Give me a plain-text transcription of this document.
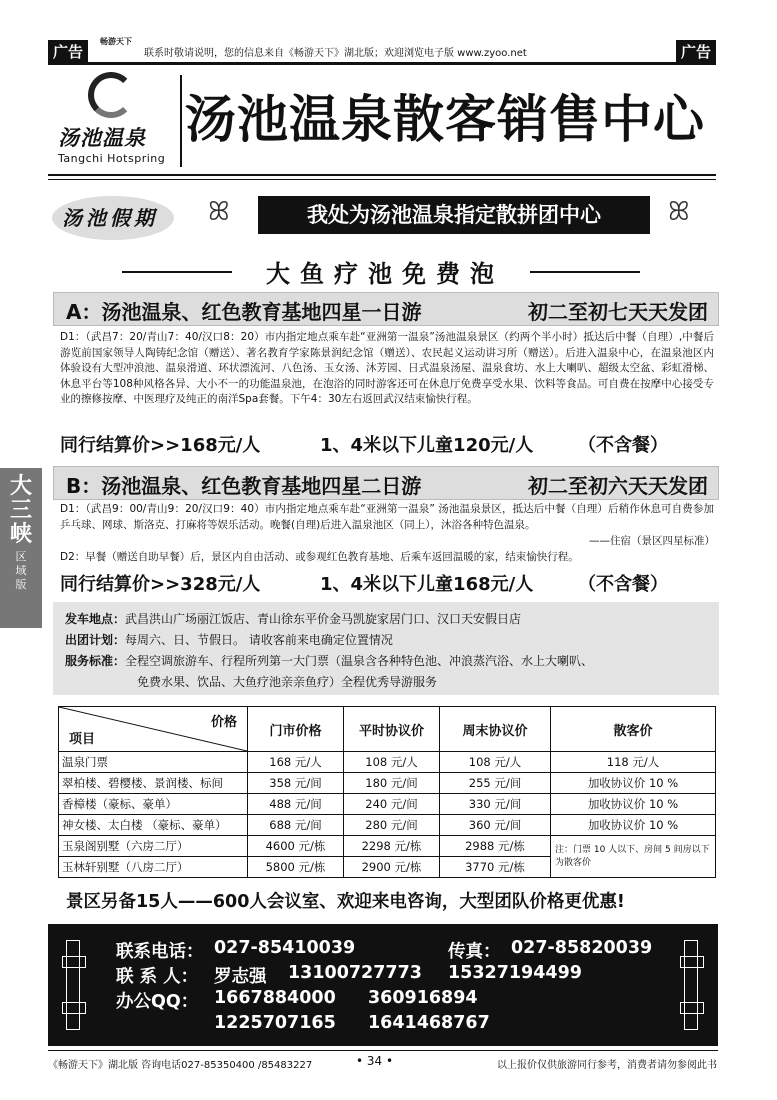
广告
畅游天下
联系时敬请说明，您的信息来自《畅游天下》湖北版；欢迎浏览电子版 www.zyoo.net	广告
汤池温泉
Tangchi Hotspring
汤池温泉散客销售中心
汤池假期 ꕤ	我处为汤池温泉指定散拼团中心	ꕤ
大鱼疗池免费泡
A：汤池温泉、红色教育基地四星一日游	初二至初七天天发团
D1：（武昌7：20/青山7：40/汉口8：20）市内指定地点乘车赴“亚洲第一温泉”汤池温泉景区（约两个半小时）抵达后中餐（自理）,中餐后游览前国家领导人陶铸纪念馆（赠送）、著名教育学家陈景润纪念馆（赠送）、农民起义运动讲习所（赠送）。后进入温泉中心，在温泉池区内体验设有大型冲浪池、温泉滑道、环状漂流河、八色汤、玉女汤、沐芳园、日式温泉汤屋、温泉食坊、水上大喇叭、超级太空盆、彩虹滑梯、休息平台等108种风格各异、大小不一的功能温泉池，在泡浴的同时游客还可在休息厅免费享受水果、饮料等食品。可自费在按摩中心接受专业的擦修按摩、中医理疗及纯正的南洋Spa套餐。下午4：30左右返回武汉结束愉快行程。
同行结算价>>168元/人	1、4米以下儿童120元/人 （不含餐）
B：汤池温泉、红色教育基地四星二日游	初二至初六天天发团
D1：（武昌9：00/青山9：20/汉口9：40）市内指定地点乘车赴“亚洲第一温泉” 汤池温泉景区，抵达后中餐（自理）后稍作休息可自费参加乒乓球、网球、斯洛克、打麻将等娱乐活动。晚餐(自理)后进入温泉池区（同上），沐浴各种特色温泉。
——住宿（景区四星标准）
D2：早餐（赠送自助早餐）后，景区内自由活动、或参观红色教育基地、后乘车返回温暖的家，结束愉快行程。
同行结算价>>328元/人	1、4米以下儿童168元/人 （不含餐）
大三峡
区域版
发车地点：武昌洪山广场丽江饭店、青山徐东平价金马凯旋家居门口、汉口天安假日店
出团计划：每周六、日、节假日。 请收客前来电确定位置情况
服务标准：全程空调旅游车、行程所列第一大门票（温泉含各种特色池、冲浪蒸汽浴、水上大喇叭、
免费水果、饮品、大鱼疗池亲亲鱼疗）全程优秀导游服务
价格
项目	门市价格	平时协议价	周末协议价	散客价
温泉门票	168 元/人	108 元/人	108 元/人	118 元/人
翠柏楼、碧樱楼、景润楼、标间	358 元/间	180 元/间	255 元/间	加收协议价 10 %
香樟楼（豪标、豪单）	488 元/间	240 元/间	330 元/间	加收协议价 10 %
神女楼、太白楼 （豪标、豪单）	688 元/间	280 元/间	360 元/间	加收协议价 10 %
玉泉阁别墅（六房二厅）	4600 元/栋	2298 元/栋	2988 元/栋	注：门票 10 人以下、房间 5 间房以下为散客价
玉林轩别墅（八房二厅）	5800 元/栋	2900 元/栋	3770 元/栋	
景区另备15人——600人会议室、欢迎来电咨询，大型团队价格更优惠!
联系电话： 027-85410039	传真： 027-85820039
联 系 人： 罗志强 13100727773 15327194499
办公QQ： 1667884000 360916894
1225707165 1641468767
《畅游天下》湖北版 咨询电话027-85350400 /85483227	• 34 •	以上报价仅供旅游同行参考，消费者请勿参阅此书
